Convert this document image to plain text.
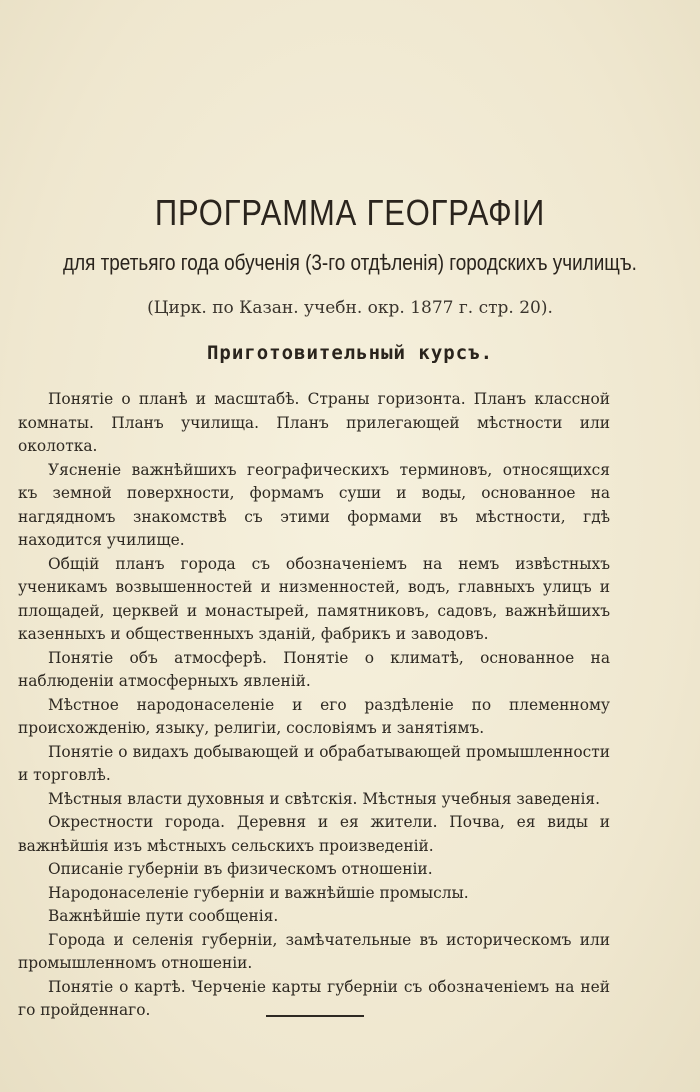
ПРОГРАММА ГЕОГРАФІИ
для третьяго года обученія (3-го отдѣленія) городскихъ училищъ.
(Цирк. по Казан. учебн. окр. 1877 г. стр. 20).
Приготовительный курсъ.

Понятіе о планѣ и масштабѣ. Страны горизонта. Планъ классной комнаты. Планъ училища. Планъ прилегающей мѣстности или околотка.

Уясненіе важнѣйшихъ географическихъ терминовъ, относящихся къ земной поверхности, формамъ суши и воды, основанное на нагдядномъ знакомствѣ съ этими формами въ мѣстности, гдѣ находится училище.

Общій планъ города съ обозначеніемъ на немъ извѣстныхъ ученикамъ возвышенностей и низменностей, водъ, главныхъ улицъ и площадей, церквей и монастырей, памятниковъ, садовъ, важнѣйшихъ казенныхъ и общественныхъ зданій, фабрикъ и заводовъ.

Понятіе объ атмосферѣ. Понятіе о климатѣ, основанное на наблюденіи атмосферныхъ явленій.

Мѣстное народонаселеніе и его раздѣленіе по племенному происхожденію, языку, религіи, сословіямъ и занятіямъ.

Понятіе о видахъ добывающей и обрабатывающей промышленности и торговлѣ.

Мѣстныя власти духовныя и свѣтскія. Мѣстныя учебныя заведенія.

Окрестности города. Деревня и ея жители. Почва, ея виды и важнѣйшія изъ мѣстныхъ сельскихъ произведеній.

Описаніе губерніи въ физическомъ отношеніи.

Народонаселеніе губерніи и важнѣйшіе промыслы.

Важнѣйшіе пути сообщенія.

Города и селенія губерніи, замѣчательные въ историческомъ или промышленномъ отношеніи.

Понятіе о картѣ. Черченіе карты губерніи съ обозначеніемъ на ней го пройденнаго.
